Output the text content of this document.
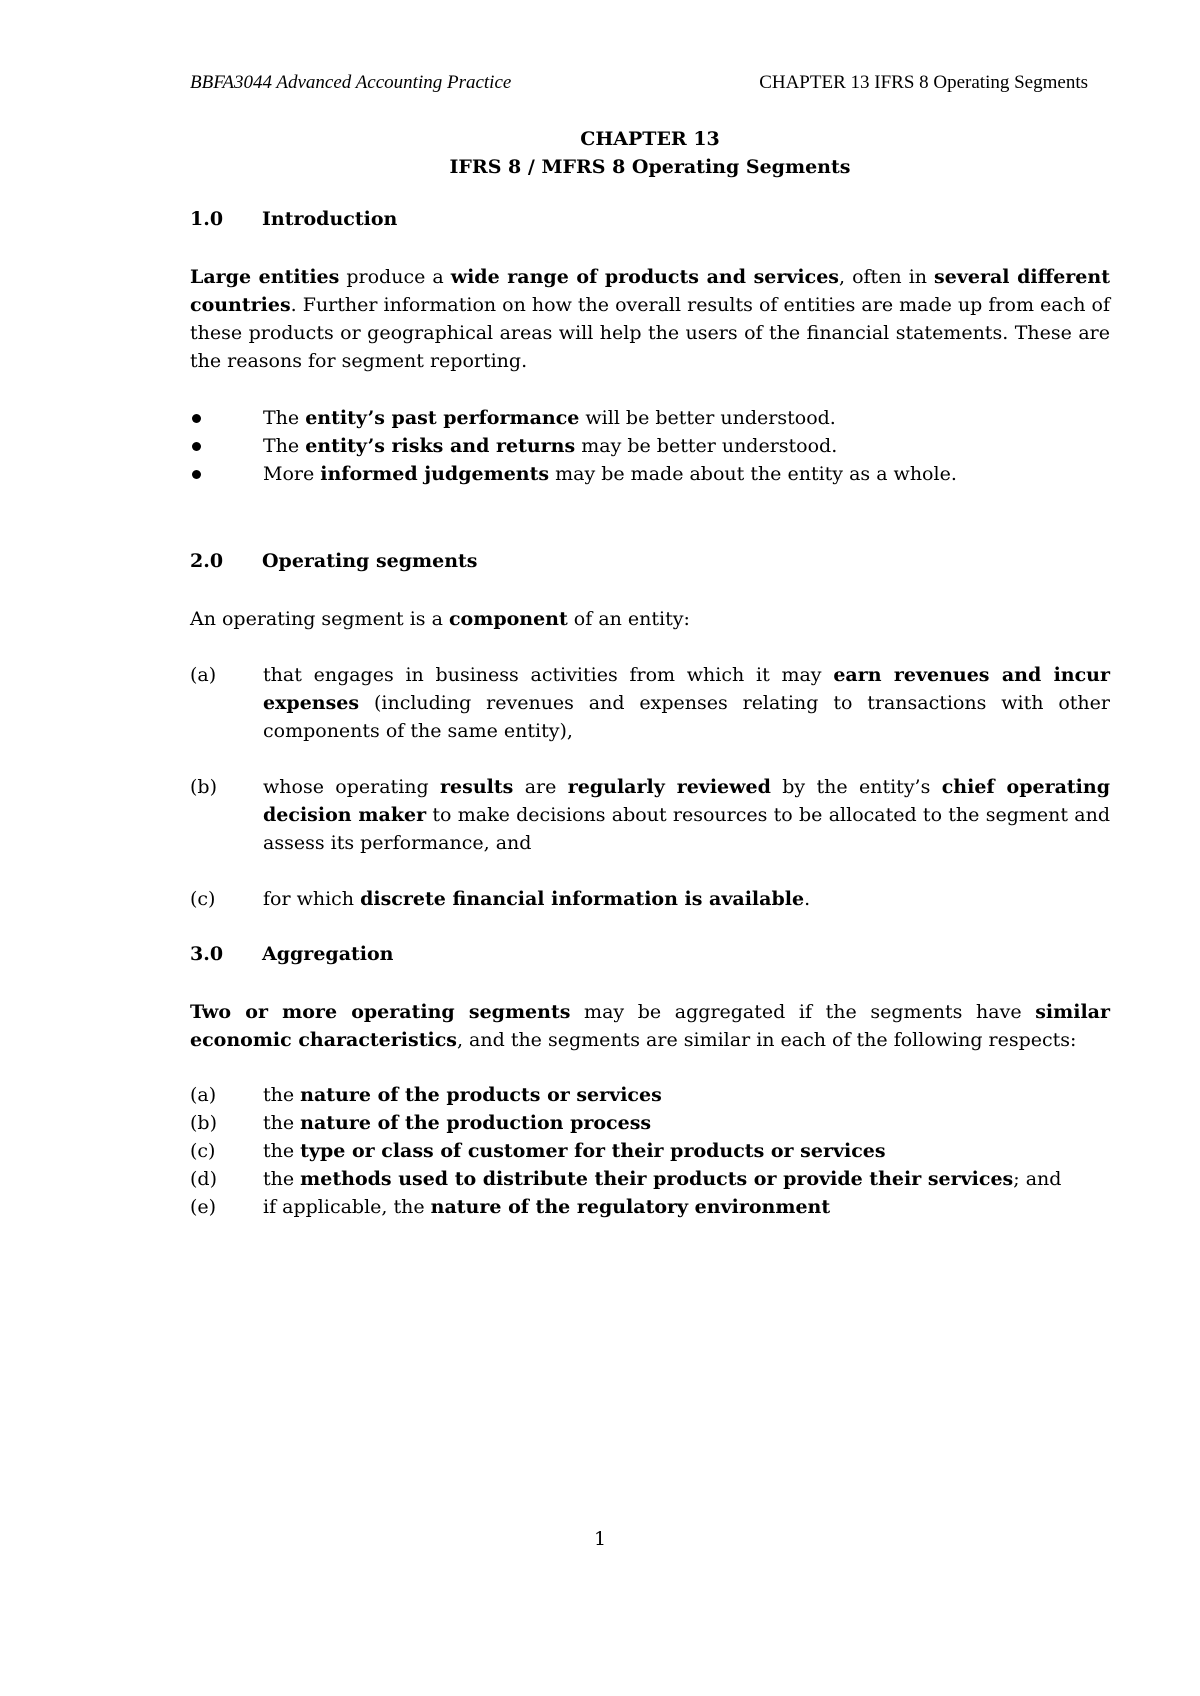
BBFA3044 Advanced Accounting Practice	CHAPTER 13 IFRS 8 Operating Segments
CHAPTER 13
IFRS 8 / MFRS 8 Operating Segments
1.0 Introduction
Large entities produce a wide range of products and services, often in several different countries. Further information on how the overall results of entities are made up from each of these products or geographical areas will help the users of the financial statements. These are the reasons for segment reporting.
The entity’s past performance will be better understood.
The entity’s risks and returns may be better understood.
More informed judgements may be made about the entity as a whole.
2.0 Operating segments
An operating segment is a component of an entity:
(a)	that engages in business activities from which it may earn revenues and incur expenses (including revenues and expenses relating to transactions with other components of the same entity),
(b)	whose operating results are regularly reviewed by the entity’s chief operating decision maker to make decisions about resources to be allocated to the segment and assess its performance, and
(c)	for which discrete financial information is available.
3.0 Aggregation
Two or more operating segments may be aggregated if the segments have similar economic characteristics, and the segments are similar in each of the following respects:
(a)	the nature of the products or services
(b)	the nature of the production process
(c)	the type or class of customer for their products or services
(d)	the methods used to distribute their products or provide their services; and
(e)	if applicable, the nature of the regulatory environment
1
